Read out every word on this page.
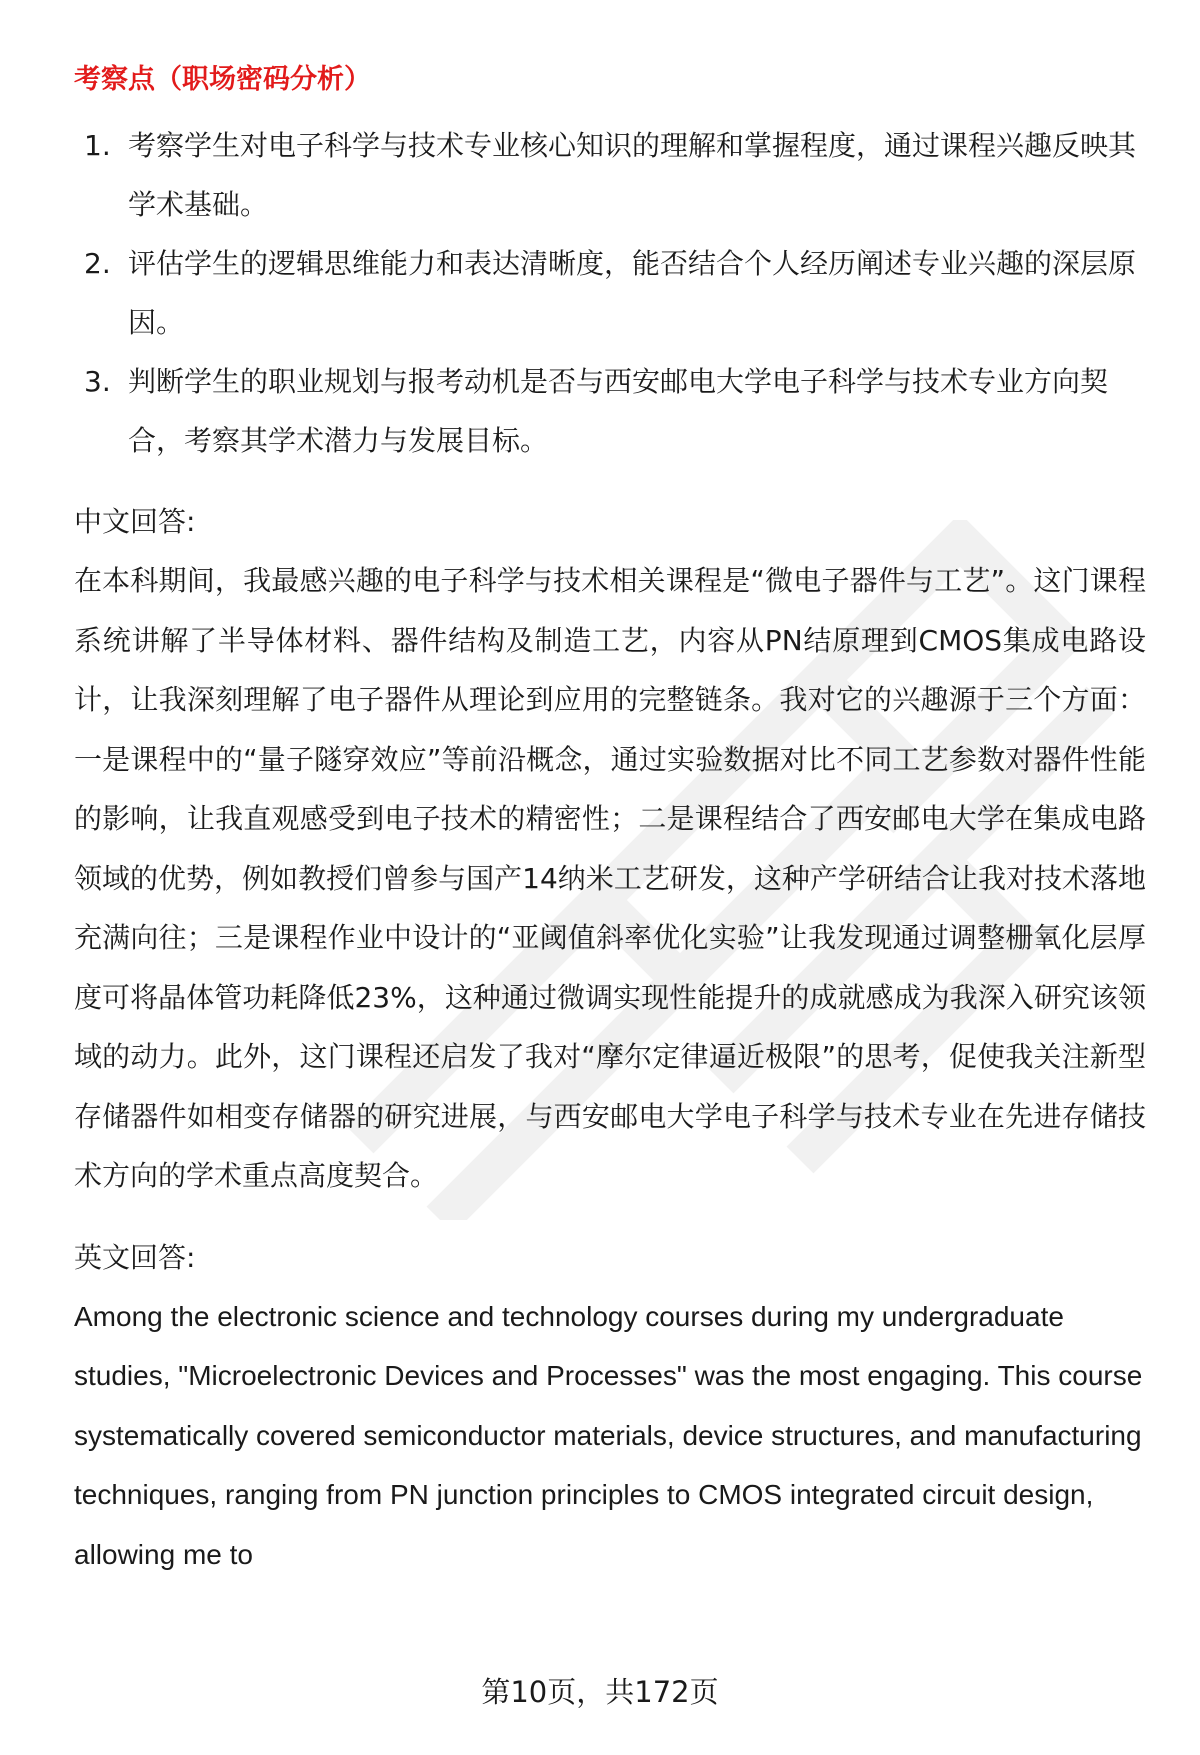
考察点（职场密码分析）
1. 考察学生对电子科学与技术专业核心知识的理解和掌握程度，通过课程兴趣反映其学术基础。
2. 评估学生的逻辑思维能力和表达清晰度，能否结合个人经历阐述专业兴趣的深层原因。
3. 判断学生的职业规划与报考动机是否与西安邮电大学电子科学与技术专业方向契合，考察其学术潜力与发展目标。
中文回答:

在本科期间，我最感兴趣的电子科学与技术相关课程是“微电子器件与工艺”。这门课程系统讲解了半导体材料、器件结构及制造工艺，内容从PN结原理到CMOS集成电路设计，让我深刻理解了电子器件从理论到应用的完整链条。我对它的兴趣源于三个方面：一是课程中的“量子隧穿效应”等前沿概念，通过实验数据对比不同工艺参数对器件性能的影响，让我直观感受到电子技术的精密性；二是课程结合了西安邮电大学在集成电路领域的优势，例如教授们曾参与国产14纳米工艺研发，这种产学研结合让我对技术落地充满向往；三是课程作业中设计的“亚阈值斜率优化实验”让我发现通过调整栅氧化层厚度可将晶体管功耗降低23%，这种通过微调实现性能提升的成就感成为我深入研究该领域的动力。此外，这门课程还启发了我对“摩尔定律逼近极限”的思考，促使我关注新型存储器件如相变存储器的研究进展，与西安邮电大学电子科学与技术专业在先进存储技术方向的学术重点高度契合。

英文回答:

Among the electronic science and technology courses during my undergraduate studies, "Microelectronic Devices and Processes" was the most engaging. This course systematically covered semiconductor materials, device structures, and manufacturing techniques, ranging from PN junction principles to CMOS integrated circuit design, allowing me to

第10页，共172页
